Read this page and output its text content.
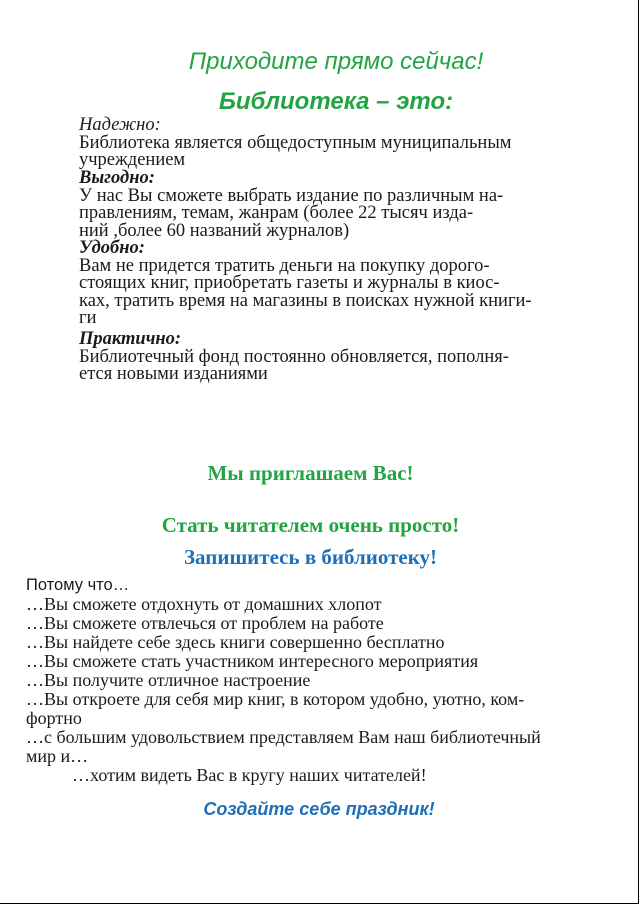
Приходите прямо сейчас!
Библиотека – это:
Надежно:
Библиотека является общедоступным муниципальным
учреждением
Выгодно:
У нас Вы сможете выбрать издание по различным на-
правлениям, темам, жанрам (более 22 тысяч изда-
ний ,более 60 названий журналов)
Удобно:
Вам не придется тратить деньги на покупку дорого-
стоящих книг, приобретать газеты и журналы в киос-
ках, тратить время на магазины в поисках нужной книги-
ги
Практично:
Библиотечный фонд постоянно обновляется, пополня-
ется новыми изданиями
Мы приглашаем Вас!
Стать читателем очень просто!
Запишитесь в библиотеку!
Потому что…
…Вы сможете отдохнуть от домашних хлопот
…Вы сможете отвлечься от проблем на работе
…Вы найдете себе здесь книги совершенно бесплатно
…Вы сможете стать участником интересного мероприятия
…Вы получите отличное настроение
…Вы откроете для себя мир книг, в котором удобно, уютно, ком-
фортно
…с большим удовольствием представляем Вам наш библиотечный
мир и…
…хотим видеть Вас в кругу наших читателей!
Создайте себе праздник!
